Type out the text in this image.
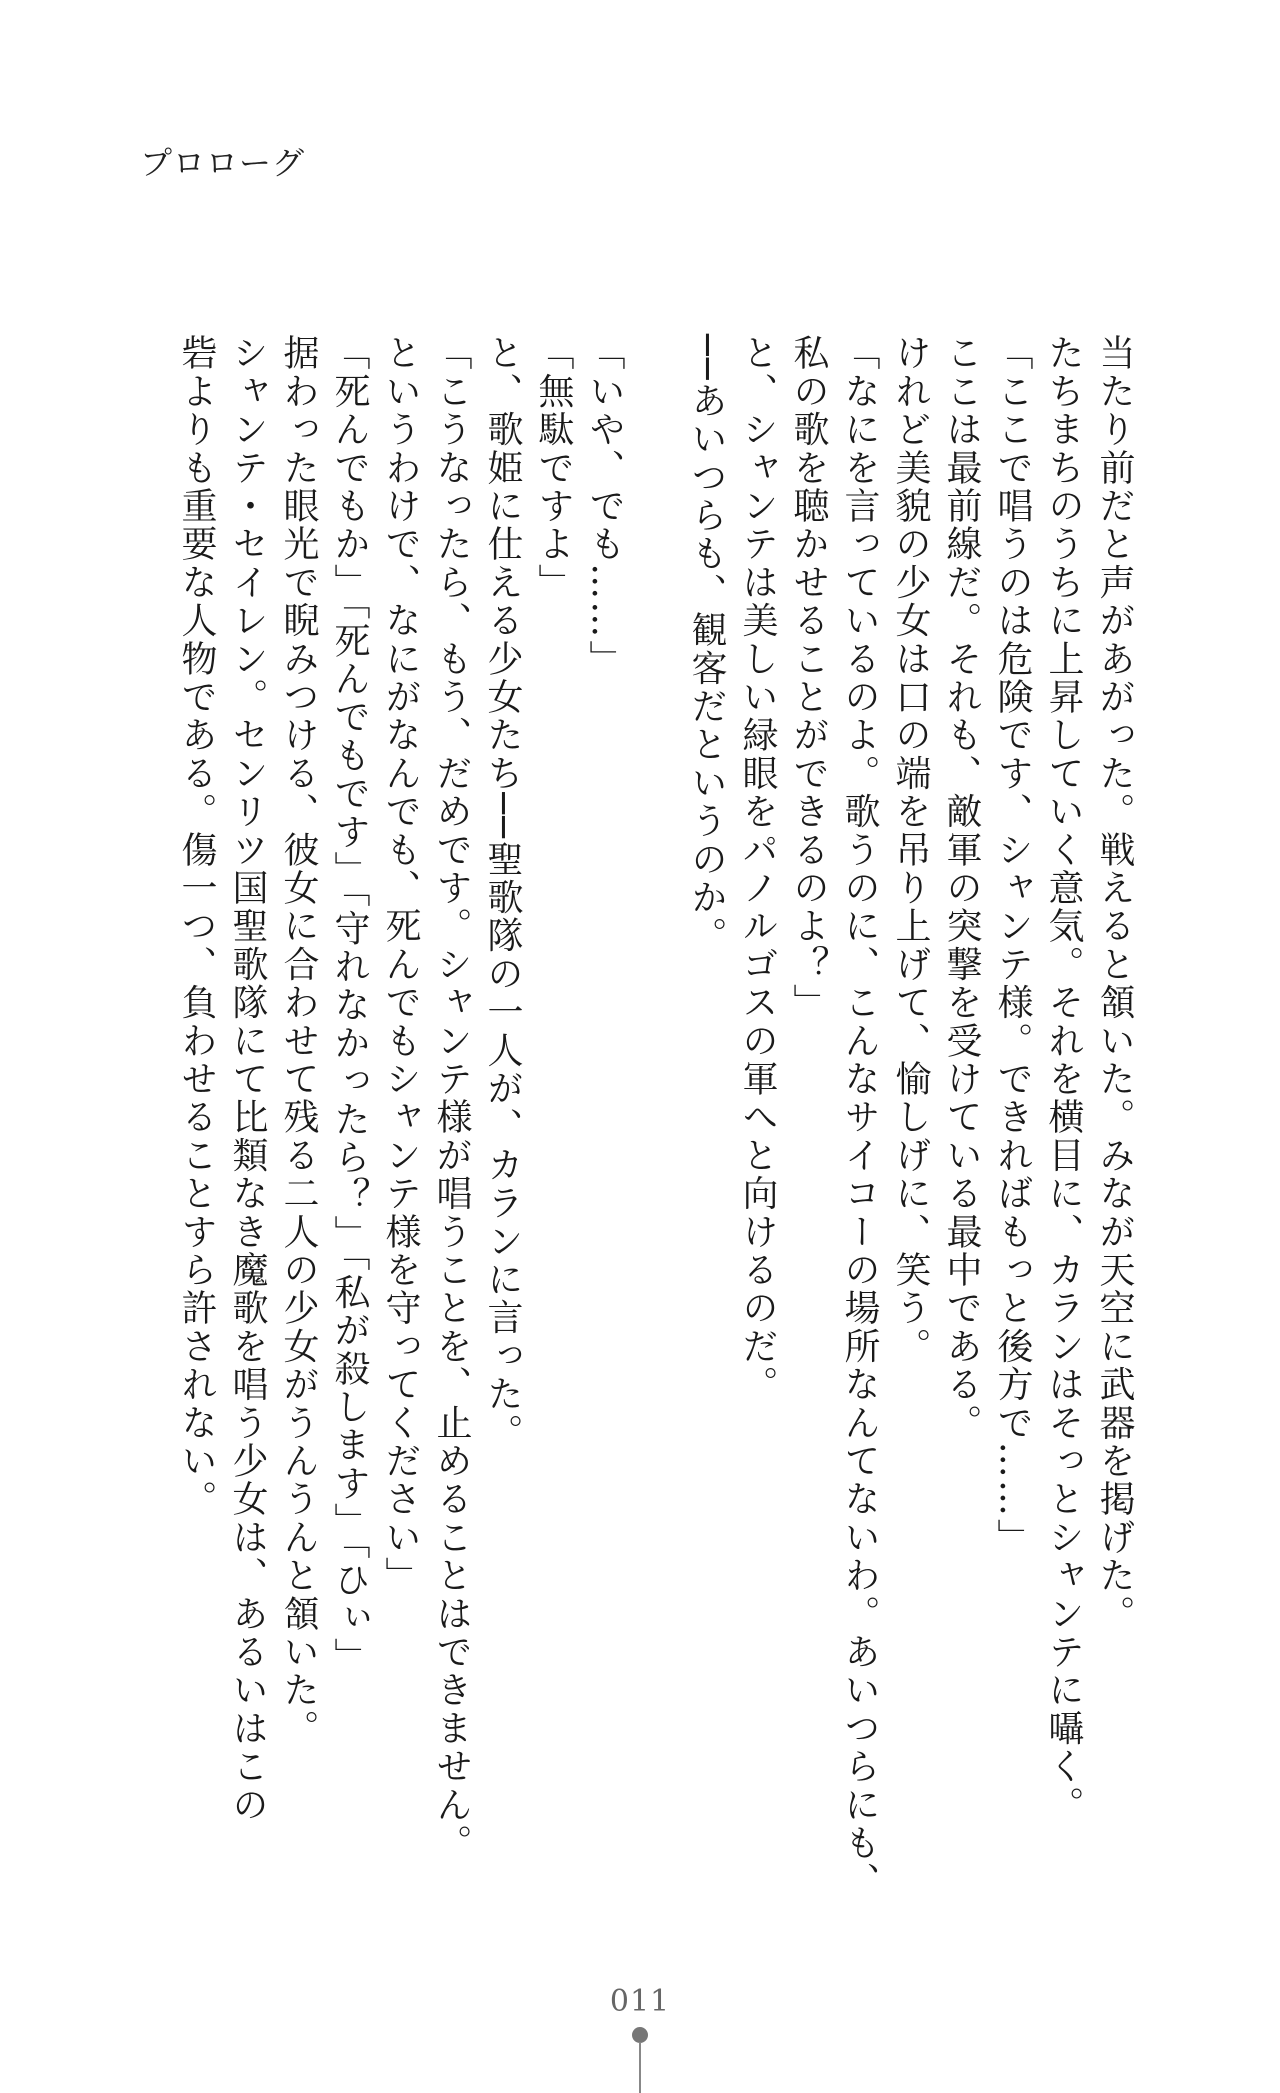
プロローグ
当たり前だと声があがった。戦えると頷いた。みなが天空に武器を掲げた。
たちまちのうちに上昇していく意気。それを横目に、カランはそっとシャンテに囁く。
「ここで唱うのは危険です、シャンテ様。できればもっと後方で……」
ここは最前線だ。それも、敵軍の突撃を受けている最中である。
けれど美貌の少女は口の端を吊り上げて、愉しげに、笑う。
「なにを言っているのよ。歌うのに、こんなサイコーの場所なんてないわ。あいつらにも、
私の歌を聴かせることができるのよ？」
と、シャンテは美しい緑眼をパノルゴスの軍へと向けるのだ。
──あいつらも、観客だというのか。
「いや、でも……」
「無駄ですよ」
と、歌姫に仕える少女たち──聖歌隊の一人が、カランに言った。
「こうなったら、もう、だめです。シャンテ様が唱うことを、止めることはできません。
というわけで、なにがなんでも、死んでもシャンテ様を守ってください」
「死んでもか」「死んでもです」「守れなかったら？」「私が殺します」「ひぃ」
据わった眼光で睨みつける、彼女に合わせて残る二人の少女がうんうんと頷いた。
シャンテ・セイレン。センリツ国聖歌隊にて比類なき魔歌を唱う少女は、あるいはこの
砦よりも重要な人物である。傷一つ、負わせることすら許されない。
011
